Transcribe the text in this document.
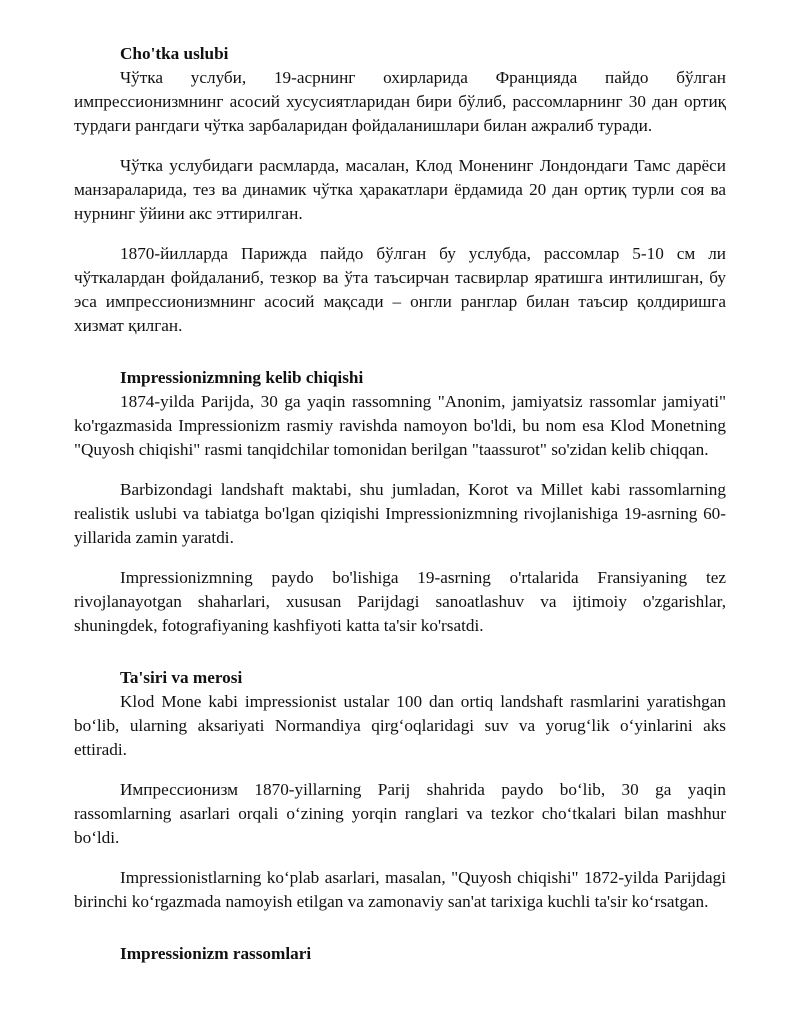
Cho'tka uslubi

Чўтка услуби, 19-асрнинг охирларида Францияда пайдо бўлган импрессионизмнинг асосий хусусиятларидан бири бўлиб, рассомларнинг 30 дан ортиқ турдаги рангдаги чўтка зарбаларидан фойдаланишлари билан ажралиб туради.

Чўтка услубидаги расмларда, масалан, Клод Моненинг Лондондаги Тамс дарёси манзараларида, тез ва динамик чўтка ҳаракатлари ёрдамида 20 дан ортиқ турли соя ва нурнинг ўйини акс эттирилган.

1870-йилларда Парижда пайдо бўлган бу услубда, рассомлар 5-10 см ли чўткалардан фойдаланиб, тезкор ва ўта таъсирчан тасвирлар яратишга интилишган, бу эса импрессионизмнинг асосий мақсади – онгли ранглар билан таъсир қолдиришга хизмат қилган.

Impressionizmning kelib chiqishi

1874-yilda Parijda, 30 ga yaqin rassomning "Anonim, jamiyatsiz rassomlar jamiyati" ko'rgazmasida Impressionizm rasmiy ravishda namoyon bo'ldi, bu nom esa Klod Monetning "Quyosh chiqishi" rasmi tanqidchilar tomonidan berilgan "taassurot" so'zidan kelib chiqqan.

Barbizondagi landshaft maktabi, shu jumladan, Korot va Millet kabi rassomlarning realistik uslubi va tabiatga bo'lgan qiziqishi Impressionizmning rivojlanishiga 19-asrning 60-yillarida zamin yaratdi.

Impressionizmning paydo bo'lishiga 19-asrning o'rtalarida Fransiyaning tez rivojlanayotgan shaharlari, xususan Parijdagi sanoatlashuv va ijtimoiy o'zgarishlar, shuningdek, fotografiyaning kashfiyoti katta ta'sir ko'rsatdi.

Ta'siri va merosi

Klod Mone kabi impressionist ustalar 100 dan ortiq landshaft rasmlarini yaratishgan bo‘lib, ularning aksariyati Normandiya qirg‘oqlaridagi suv va yorug‘lik o‘yinlarini aks ettiradi.

Импрессионизм 1870-yillarning Parij shahrida paydo bo‘lib, 30 ga yaqin rassomlarning asarlari orqali o‘zining yorqin ranglari va tezkor cho‘tkalari bilan mashhur bo‘ldi.

Impressionistlarning ko‘plab asarlari, masalan, "Quyosh chiqishi" 1872-yilda Parijdagi birinchi ko‘rgazmada namoyish etilgan va zamonaviy san'at tarixiga kuchli ta'sir ko‘rsatgan.

Impressionizm rassomlari
